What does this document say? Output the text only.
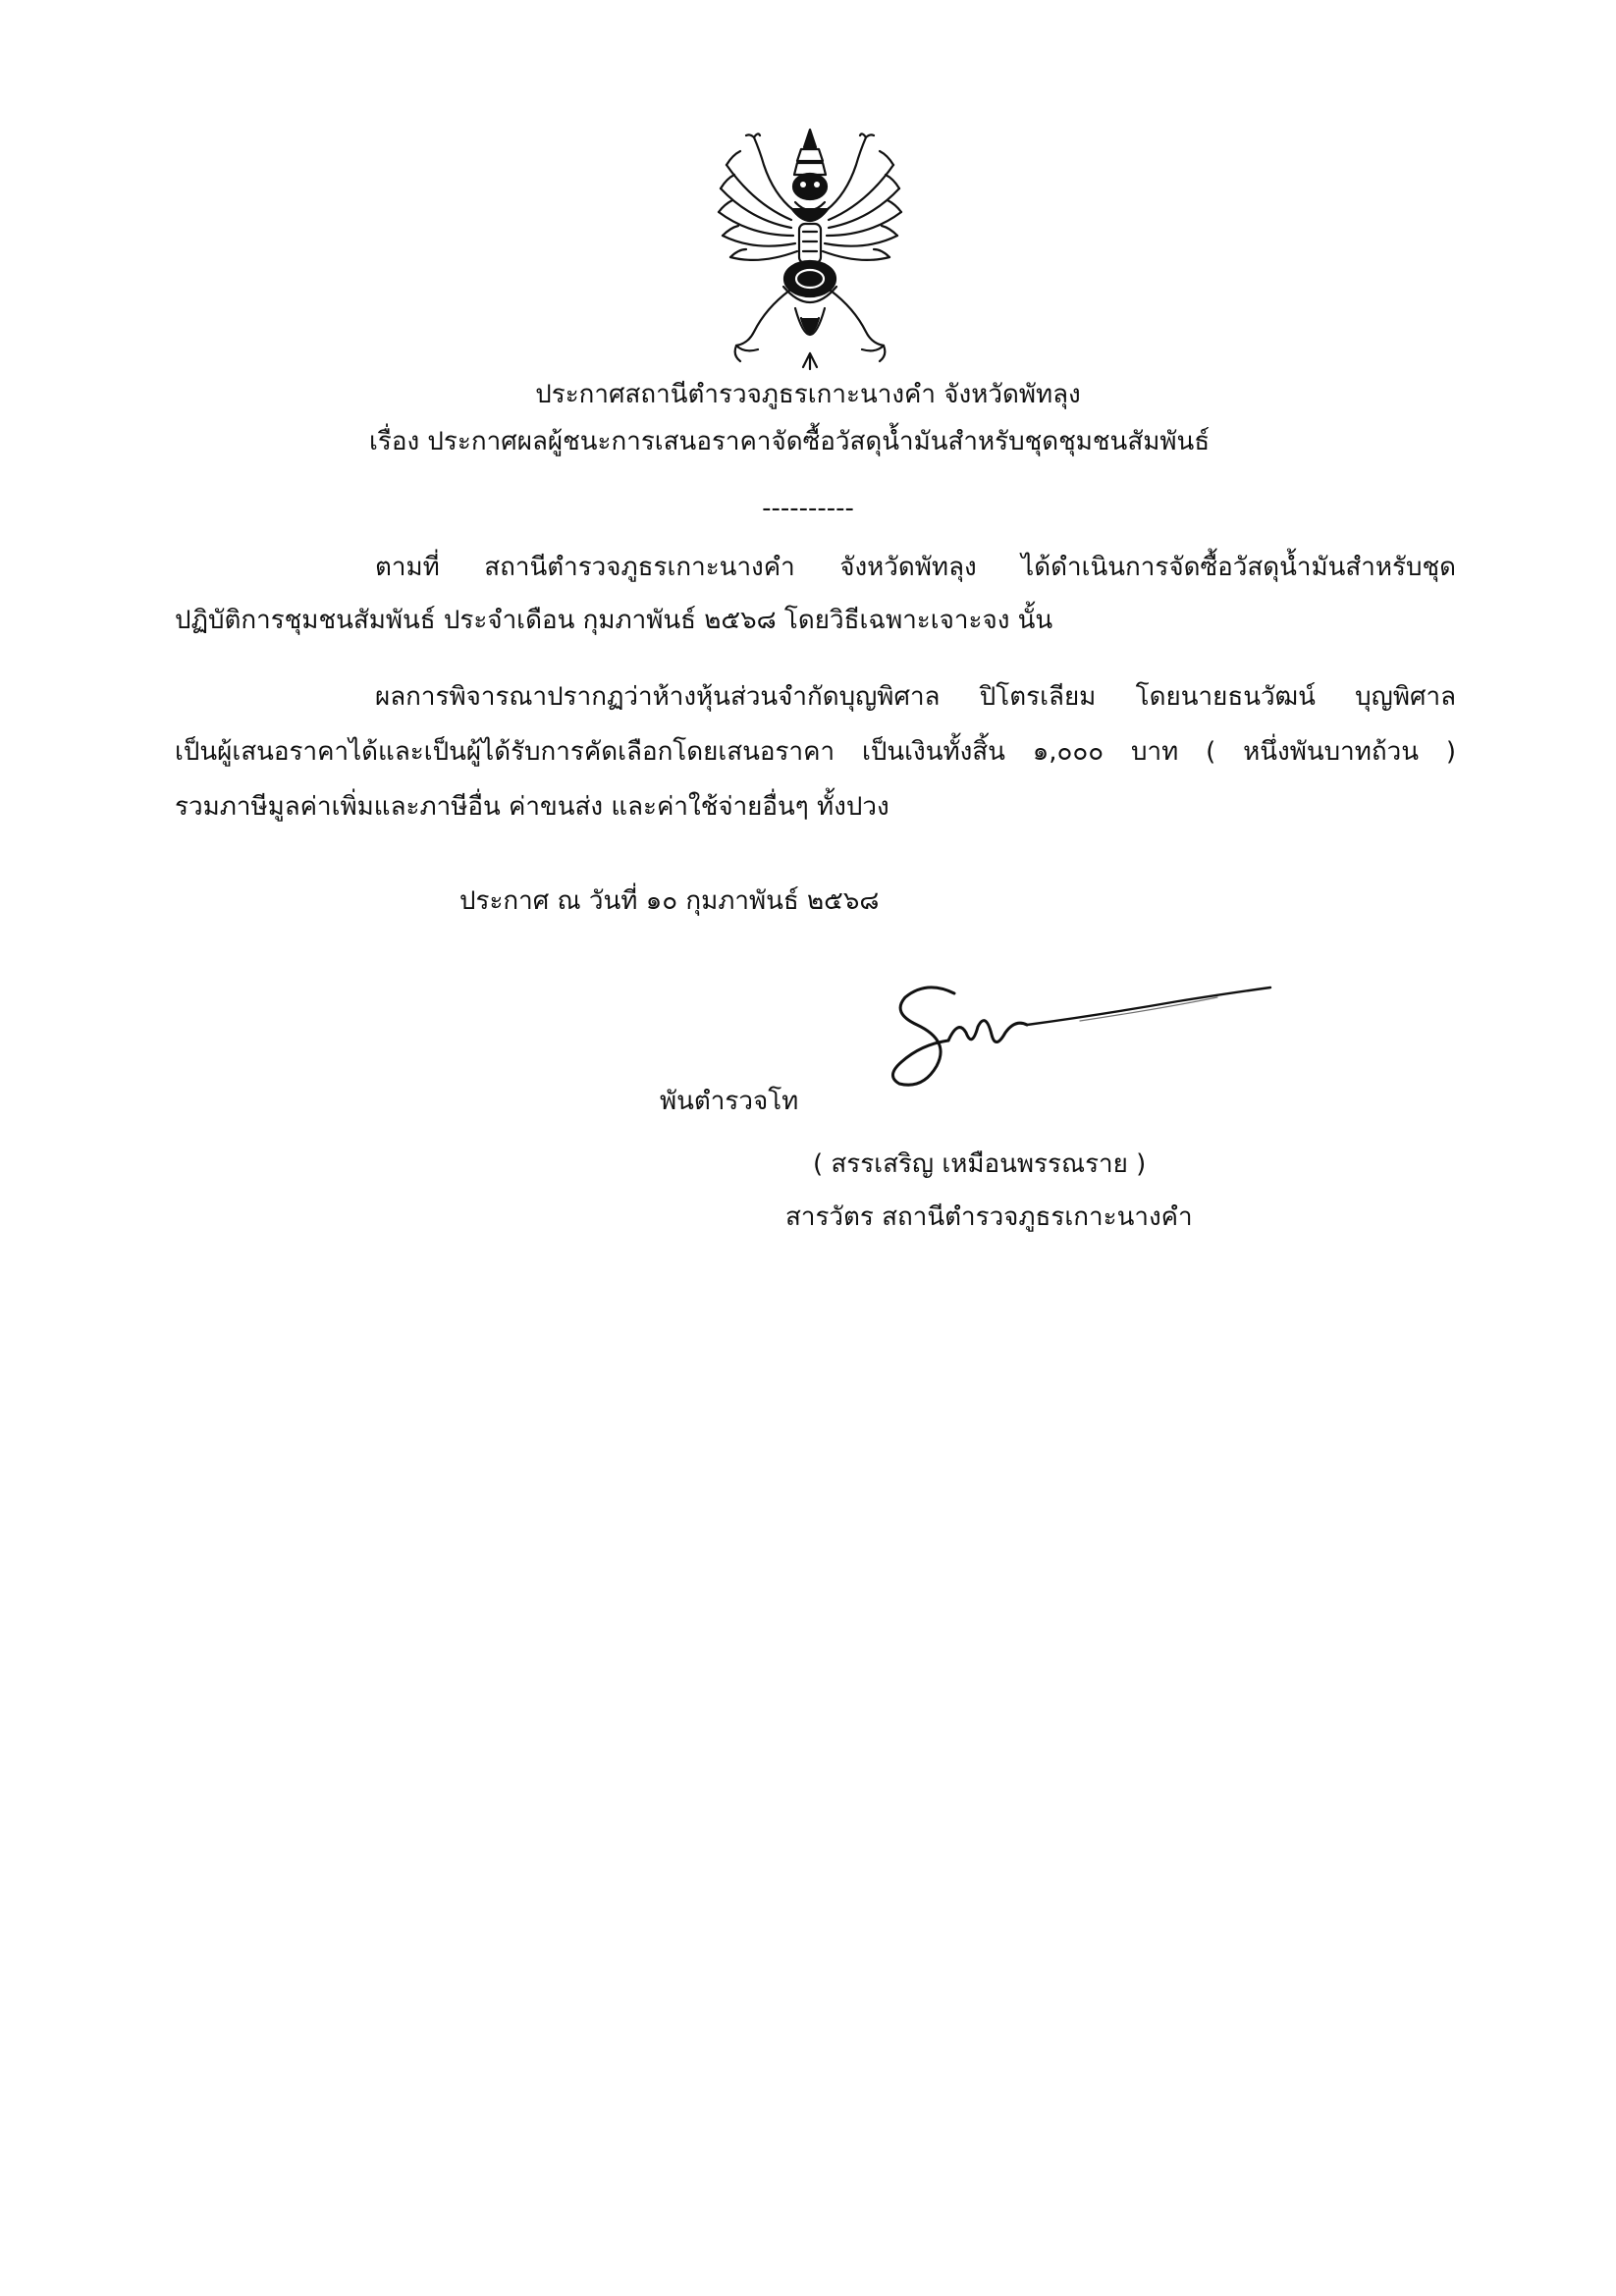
ประกาศสถานีตำรวจภูธรเกาะนางคำ จังหวัดพัทลุง
เรื่อง ประกาศผลผู้ชนะการเสนอราคาจัดซื้อวัสดุน้ำมันสำหรับชุดชุมชนสัมพันธ์
----------
ตามที่ สถานีตำรวจภูธรเกาะนางคำ จังหวัดพัทลุง ได้ดำเนินการจัดซื้อวัสดุน้ำมันสำหรับชุด
ปฏิบัติการชุมชนสัมพันธ์ ประจำเดือน กุมภาพันธ์ ๒๕๖๘ โดยวิธีเฉพาะเจาะจง นั้น
ผลการพิจารณาปรากฏว่าห้างหุ้นส่วนจำกัดบุญพิศาล ปิโตรเลียม โดยนายธนวัฒน์ บุญพิศาล
เป็นผู้เสนอราคาได้และเป็นผู้ได้รับการคัดเลือกโดยเสนอราคา เป็นเงินทั้งสิ้น ๑,๐๐๐ บาท ( หนึ่งพันบาทถ้วน )
รวมภาษีมูลค่าเพิ่มและภาษีอื่น ค่าขนส่ง และค่าใช้จ่ายอื่นๆ ทั้งปวง
ประกาศ ณ วันที่ ๑๐ กุมภาพันธ์ ๒๕๖๘
พันตำรวจโท
( สรรเสริญ เหมือนพรรณราย )
สารวัตร สถานีตำรวจภูธรเกาะนางคำ
